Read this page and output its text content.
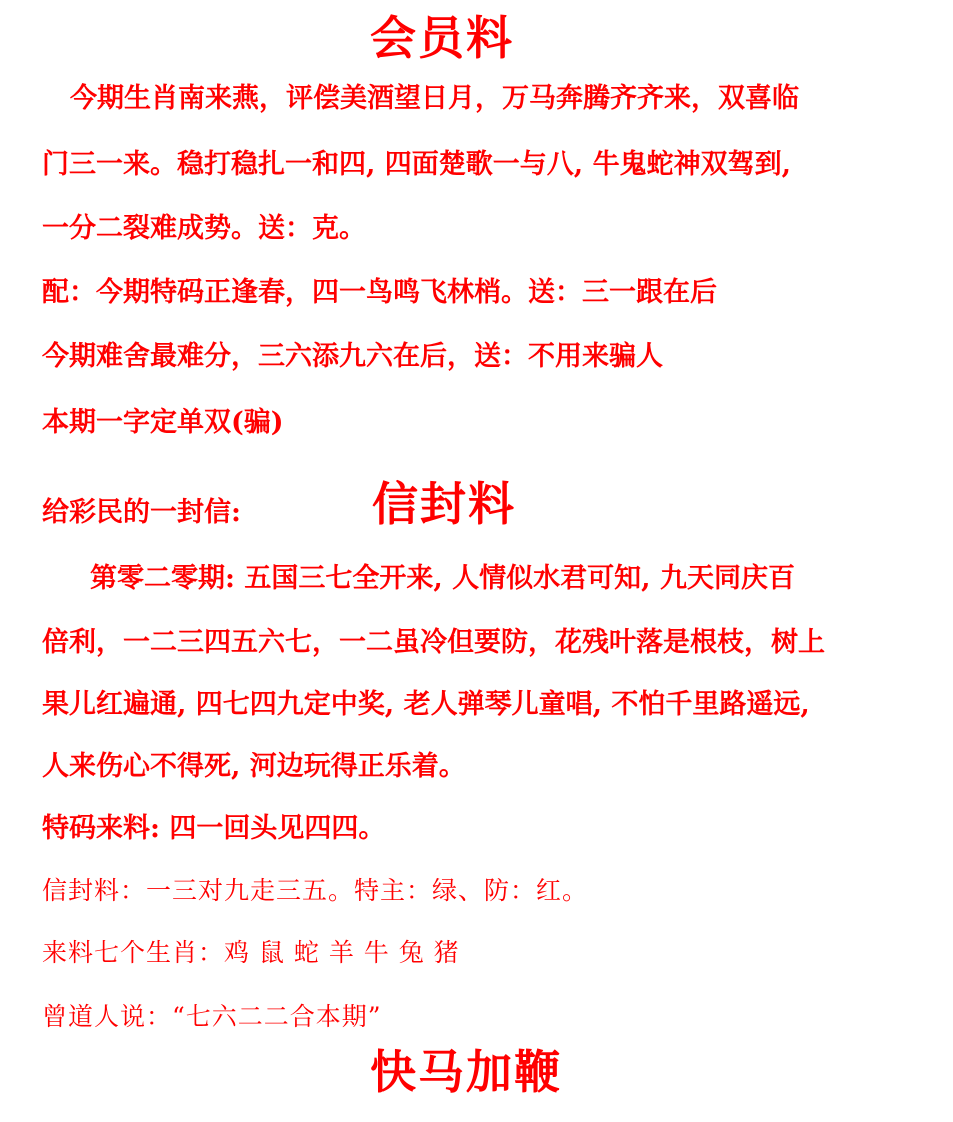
会员料
今期生肖南来燕，评偿美酒望日月，万马奔腾齐齐来，双喜临
门三一来。稳打稳扎一和四, 四面楚歌一与八, 牛鬼蛇神双驾到,
一分二裂难成势。送：克。
配：今期特码正逢春，四一鸟鸣飞林梢。送：三一跟在后
今期难舍最难分，三六添九六在后，送：不用来骗人
本期一字定单双(骗)
给彩民的一封信:	信封料
第零二零期: 五国三七全开来, 人情似水君可知, 九天同庆百
倍利，一二三四五六七，一二虽冷但要防，花残叶落是根枝，树上
果儿红遍通, 四七四九定中奖, 老人弹琴儿童唱, 不怕千里路遥远,
人来伤心不得死, 河边玩得正乐着。
特码来料: 四一回头见四四。
信封料：一三对九走三五。特主：绿、防：红。
来料七个生肖：鸡 鼠 蛇 羊 牛 兔 猪
曾道人说：“七六二二合本期”
快马加鞭
